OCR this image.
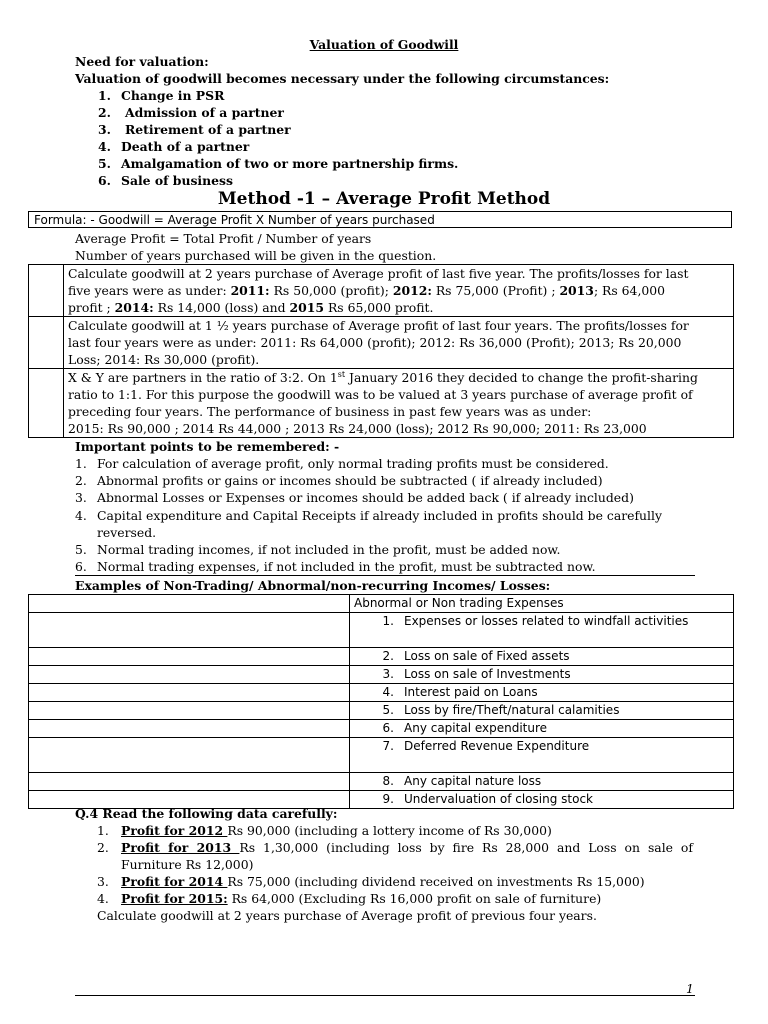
Valuation of Goodwill
Need for valuation:
Valuation of goodwill becomes necessary under the following circumstances:
1. Change in PSR
2. Admission of a partner
3. Retirement of a partner
4. Death of a partner
5. Amalgamation of two or more partnership firms.
6. Sale of business
Method -1 – Average Profit Method
Formula: - Goodwill = Average Profit X Number of years purchased
Average Profit = Total Profit / Number of years
Number of years purchased will be given in the question.

	Calculate goodwill at 2 years purchase of Average profit of last five year. The profits/losses for last
five years were as under: 2011: Rs 50,000 (profit); 2012: Rs 75,000 (Profit) ; 2013; Rs 64,000
profit ; 2014: Rs 14,000 (loss) and 2015 Rs 65,000 profit.

	Calculate goodwill at 1 ½ years purchase of Average profit of last four years. The profits/losses for
last four years were as under: 2011: Rs 64,000 (profit); 2012: Rs 36,000 (Profit); 2013; Rs 20,000
Loss; 2014: Rs 30,000 (profit).

	X & Y are partners in the ratio of 3:2. On 1st January 2016 they decided to change the profit-sharing
ratio to 1:1. For this purpose the goodwill was to be valued at 3 years purchase of average profit of
preceding four years. The performance of business in past few years was as under:
2015: Rs 90,000 ; 2014 Rs 44,000 ; 2013 Rs 24,000 (loss); 2012 Rs 90,000; 2011: Rs 23,000
Important points to be remembered: -
1. For calculation of average profit, only normal trading profits must be considered.
2. Abnormal profits or gains or incomes should be subtracted ( if already included)
3. Abnormal Losses or Expenses or incomes should be added back ( if already included)
4. Capital expenditure and Capital Receipts if already included in profits should be carefully
reversed.
5. Normal trading incomes, if not included in the profit, must be added now.
6. Normal trading expenses, if not included in the profit, must be subtracted now.
Examples of Non-Trading/ Abnormal/non-recurring Incomes/ Losses:
	Abnormal or Non trading Expenses
	1. Expenses or losses related to windfall activities
	2. Loss on sale of Fixed assets
	3. Loss on sale of Investments
	4. Interest paid on Loans
	5. Loss by fire/Theft/natural calamities
	6. Any capital expenditure
	7. Deferred Revenue Expenditure
	8. Any capital nature loss
	9. Undervaluation of closing stock
Q.4 Read the following data carefully:
1. Profit for 2012 Rs 90,000 (including a lottery income of Rs 30,000)
2. Profit for 2013 Rs 1,30,000 (including loss by fire Rs 28,000 and Loss on sale of
Furniture Rs 12,000)
3. Profit for 2014 Rs 75,000 (including dividend received on investments Rs 15,000)
4. Profit for 2015: Rs 64,000 (Excluding Rs 16,000 profit on sale of furniture)
Calculate goodwill at 2 years purchase of Average profit of previous four years.
1
